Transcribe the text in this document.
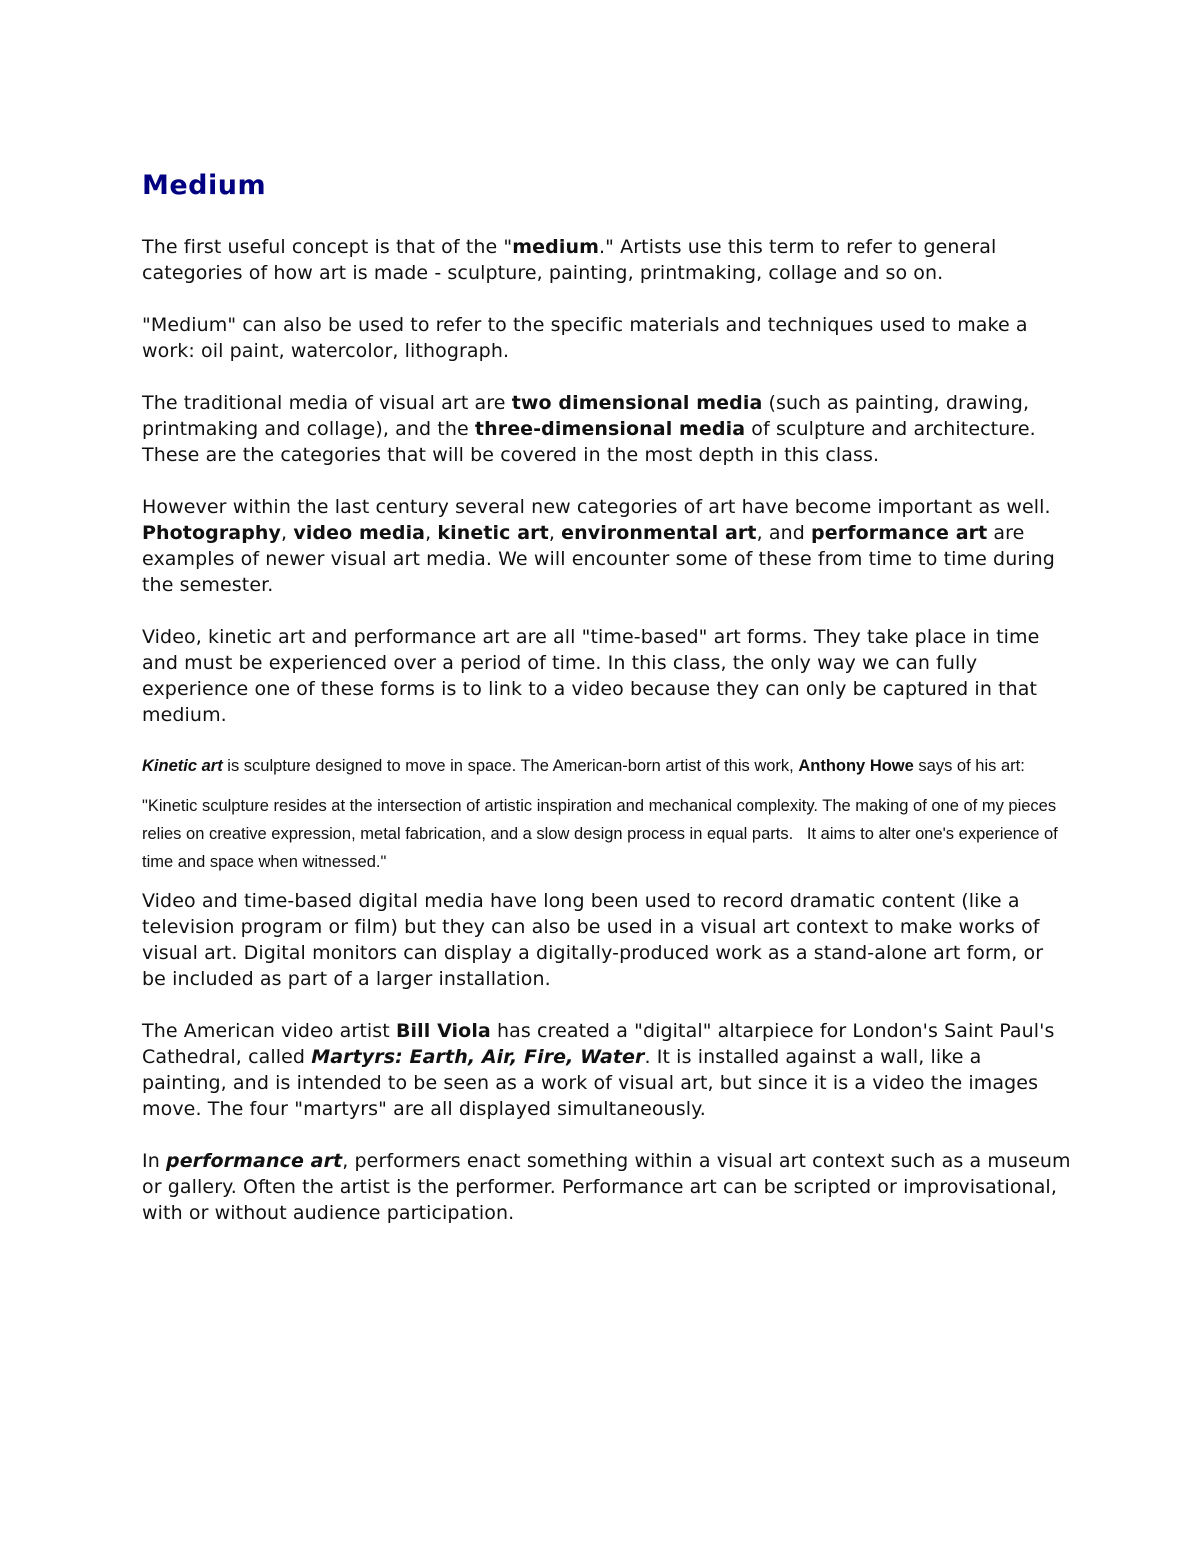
Medium

The first useful concept is that of the "medium." Artists use this term to refer to general categories of how art is made - sculpture, painting, printmaking, collage and so on.

"Medium" can also be used to refer to the specific materials and techniques used to make a work: oil paint, watercolor, lithograph.

The traditional media of visual art are two dimensional media (such as painting, drawing, printmaking and collage), and the three-dimensional media of sculpture and architecture. These are the categories that will be covered in the most depth in this class.

However within the last century several new categories of art have become important as well. Photography, video media, kinetic art, environmental art, and performance art are examples of newer visual art media. We will encounter some of these from time to time during the semester.

Video, kinetic art and performance art are all "time-based" art forms. They take place in time and must be experienced over a period of time. In this class, the only way we can fully experience one of these forms is to link to a video because they can only be captured in that medium.

Kinetic art is sculpture designed to move in space. The American-born artist of this work, Anthony Howe says of his art:

"Kinetic sculpture resides at the intersection of artistic inspiration and mechanical complexity. The making of one of my pieces relies on creative expression, metal fabrication, and a slow design process in equal parts.   It aims to alter one's experience of time and space when witnessed."

Video and time-based digital media have long been used to record dramatic content (like a television program or film) but they can also be used in a visual art context to make works of visual art. Digital monitors can display a digitally-produced work as a stand-alone art form, or be included as part of a larger installation.

The American video artist Bill Viola has created a "digital" altarpiece for London's Saint Paul's Cathedral, called Martyrs: Earth, Air, Fire, Water. It is installed against a wall, like a painting, and is intended to be seen as a work of visual art, but since it is a video the images move. The four "martyrs" are all displayed simultaneously.

In performance art, performers enact something within a visual art context such as a museum or gallery. Often the artist is the performer. Performance art can be scripted or improvisational, with or without audience participation.
